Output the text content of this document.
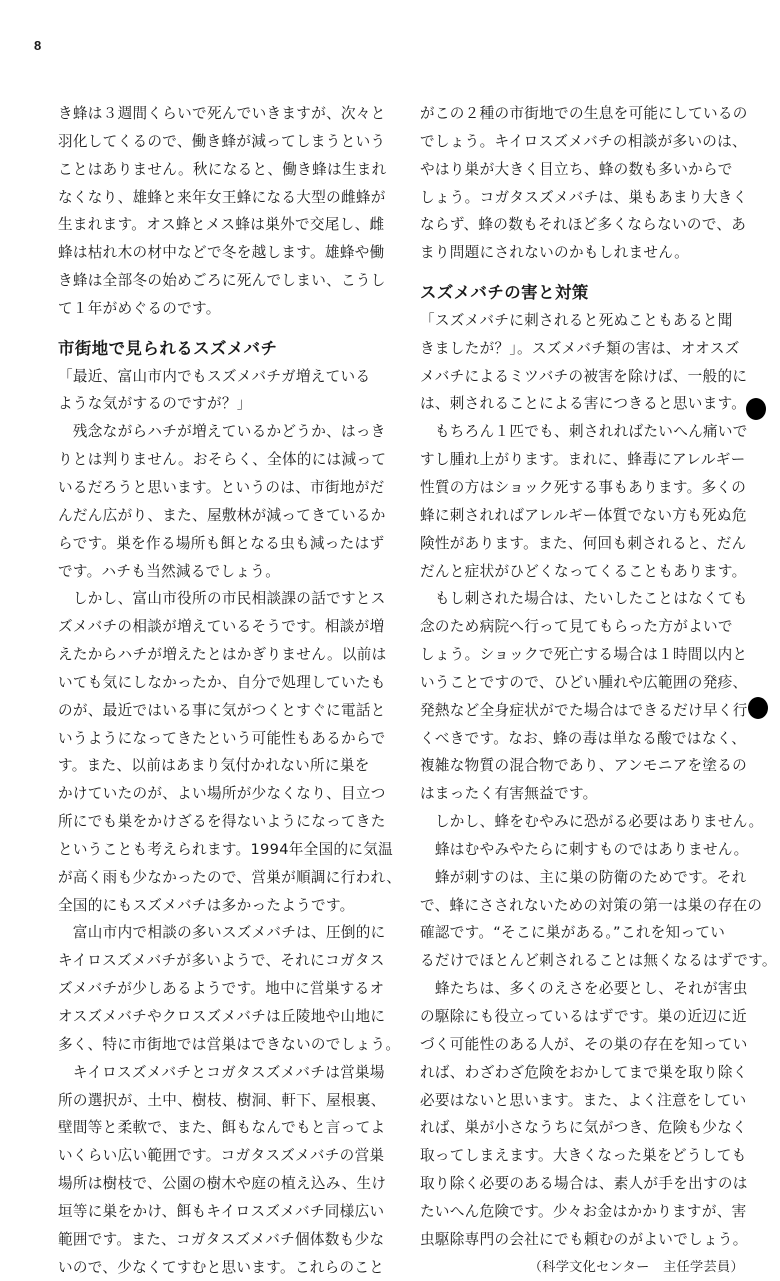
8
き蜂は３週間くらいで死んでいきますが、次々と
羽化してくるので、働き蜂が減ってしまうという
ことはありません。秋になると、働き蜂は生まれ
なくなり、雄蜂と来年女王蜂になる大型の雌蜂が
生まれます。オス蜂とメス蜂は巣外で交尾し、雌
蜂は枯れ木の材中などで冬を越します。雄蜂や働
き蜂は全部冬の始めごろに死んでしまい、こうし
て１年がめぐるのです。
市街地で見られるスズメバチ
「最近、富山市内でもスズメバチガ増えている
ような気がするのですが？」
　残念ながらハチが増えているかどうか、はっき
りとは判りません。おそらく、全体的には減って
いるだろうと思います。というのは、市街地がだ
んだん広がり、また、屋敷林が減ってきているか
らです。巣を作る場所も餌となる虫も減ったはず
です。ハチも当然減るでしょう。
　しかし、富山市役所の市民相談課の話ですとス
ズメバチの相談が増えているそうです。相談が増
えたからハチが増えたとはかぎりません。以前は
いても気にしなかったか、自分で処理していたも
のが、最近ではいる事に気がつくとすぐに電話と
いうようになってきたという可能性もあるからで
す。また、以前はあまり気付かれない所に巣を
かけていたのが、よい場所が少なくなり、目立つ
所にでも巣をかけざるを得ないようになってきた
ということも考えられます。1994年全国的に気温
が高く雨も少なかったので、営巣が順調に行われ、
全国的にもスズメバチは多かったようです。
　富山市内で相談の多いスズメバチは、圧倒的に
キイロスズメバチが多いようで、それにコガタス
ズメバチが少しあるようです。地中に営巣するオ
オスズメバチやクロスズメバチは丘陵地や山地に
多く、特に市街地では営巣はできないのでしょう。
　キイロスズメバチとコガタスズメバチは営巣場
所の選択が、土中、樹枝、樹洞、軒下、屋根裏、
壁間等と柔軟で、また、餌もなんでもと言ってよ
いくらい広い範囲です。コガタスズメバチの営巣
場所は樹枝で、公園の樹木や庭の植え込み、生け
垣等に巣をかけ、餌もキイロスズメバチ同様広い
範囲です。また、コガタスズメバチ個体数も少な
いので、少なくてすむと思います。これらのこと
がこの２種の市街地での生息を可能にしているの
でしょう。キイロスズメバチの相談が多いのは、
やはり巣が大きく目立ち、蜂の数も多いからで
しょう。コガタスズメバチは、巣もあまり大きく
ならず、蜂の数もそれほど多くならないので、あ
まり問題にされないのかもしれません。
スズメバチの害と対策
「スズメバチに刺されると死ぬこともあると聞
きましたが？」。スズメバチ類の害は、オオスズ
メバチによるミツバチの被害を除けば、一般的に
は、刺されることによる害につきると思います。
　もちろん１匹でも、刺されればたいへん痛いで
すし腫れ上がります。まれに、蜂毒にアレルギー
性質の方はショック死する事もあります。多くの
蜂に刺されればアレルギー体質でない方も死ぬ危
険性があります。また、何回も刺されると、だん
だんと症状がひどくなってくることもあります。
　もし刺された場合は、たいしたことはなくても
念のため病院へ行って見てもらった方がよいで
しょう。ショックで死亡する場合は１時間以内と
いうことですので、ひどい腫れや広範囲の発疹、
発熱など全身症状がでた場合はできるだけ早く行
くべきです。なお、蜂の毒は単なる酸ではなく、
複雑な物質の混合物であり、アンモニアを塗るの
はまったく有害無益です。
　しかし、蜂をむやみに恐がる必要はありません。
　蜂はむやみやたらに刺すものではありません。
　蜂が刺すのは、主に巣の防衛のためです。それ
で、蜂にさされないための対策の第一は巣の存在の
確認です。“そこに巣がある。”これを知ってい
るだけでほとんど刺されることは無くなるはずです。
　蜂たちは、多くのえさを必要とし、それが害虫
の駆除にも役立っているはずです。巣の近辺に近
づく可能性のある人が、その巣の存在を知ってい
れば、わざわざ危険をおかしてまで巣を取り除く
必要はないと思います。また、よく注意をしてい
れば、巣が小さなうちに気がつき、危険も少なく
取ってしまえます。大きくなった巣をどうしても
取り除く必要のある場合は、素人が手を出すのは
たいへん危険です。少々お金はかかりますが、害
虫駆除専門の会社にでも頼むのがよいでしょう。
（科学文化センター　主任学芸員）
